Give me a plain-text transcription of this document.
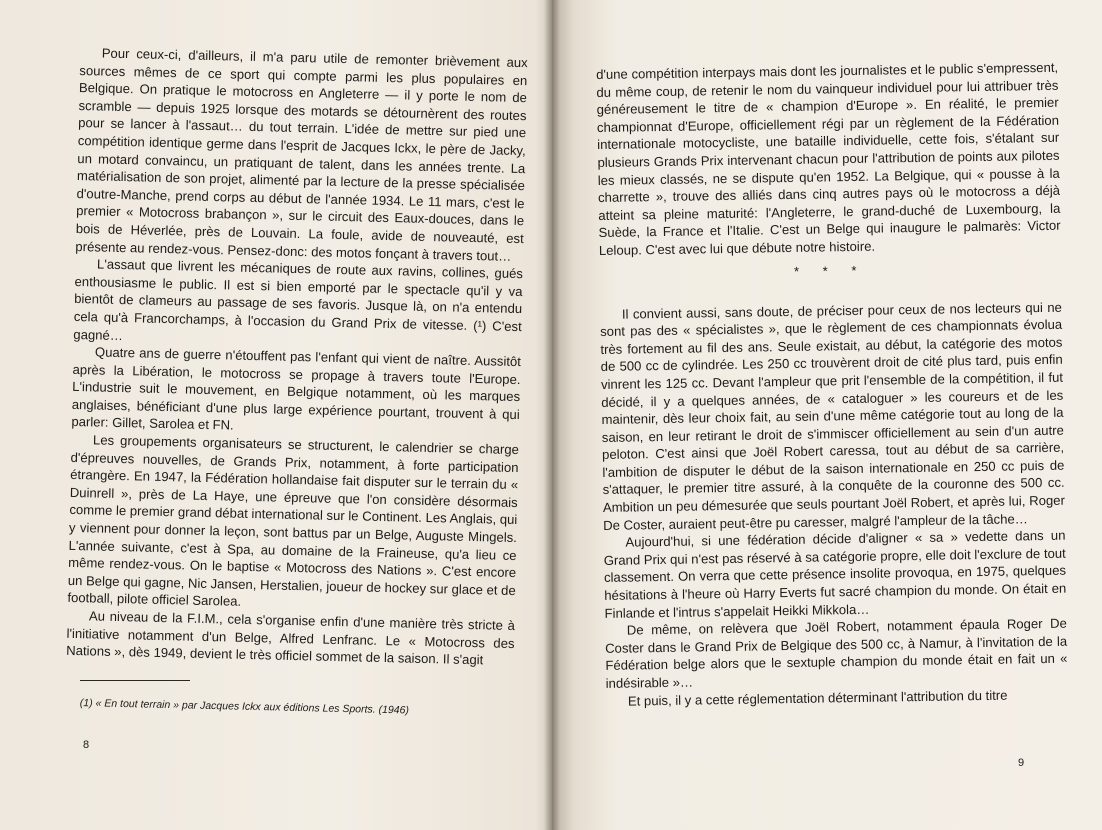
Pour ceux-ci, d'ailleurs, il m'a paru utile de remonter brièvement aux sources mêmes de ce sport qui compte parmi les plus populaires en Belgique. On pratique le motocross en Angleterre — il y porte le nom de scramble — depuis 1925 lorsque des motards se détournèrent des routes pour se lancer à l'assaut… du tout terrain. L'idée de mettre sur pied une compétition identique germe dans l'esprit de Jacques Ickx, le père de Jacky, un motard convaincu, un pratiquant de talent, dans les années trente. La matérialisation de son projet, alimenté par la lecture de la presse spécialisée d'outre-Manche, prend corps au début de l'année 1934. Le 11 mars, c'est le premier « Motocross brabançon », sur le circuit des Eaux-douces, dans le bois de Héverlée, près de Louvain. La foule, avide de nouveauté, est présente au rendez-vous. Pensez-donc: des motos fonçant à travers tout…

L'assaut que livrent les mécaniques de route aux ravins, collines, gués enthousiasme le public. Il est si bien emporté par le spectacle qu'il y va bientôt de clameurs au passage de ses favoris. Jusque là, on n'a entendu cela qu'à Francorchamps, à l'occasion du Grand Prix de vitesse. (¹) C'est gagné…

Quatre ans de guerre n'étouffent pas l'enfant qui vient de naître. Aussitôt après la Libération, le motocross se propage à travers toute l'Europe. L'industrie suit le mouvement, en Belgique notamment, où les marques anglaises, bénéficiant d'une plus large expérience pourtant, trouvent à qui parler: Gillet, Sarolea et FN.

Les groupements organisateurs se structurent, le calendrier se charge d'épreuves nouvelles, de Grands Prix, notamment, à forte participation étrangère. En 1947, la Fédération hollandaise fait disputer sur le terrain du « Duinrell », près de La Haye, une épreuve que l'on considère désormais comme le premier grand débat international sur le Continent. Les Anglais, qui y viennent pour donner la leçon, sont battus par un Belge, Auguste Mingels. L'année suivante, c'est à Spa, au domaine de la Fraineuse, qu'a lieu ce même rendez-vous. On le baptise « Motocross des Nations ». C'est encore un Belge qui gagne, Nic Jansen, Herstalien, joueur de hockey sur glace et de football, pilote officiel Sarolea.

Au niveau de la F.I.M., cela s'organise enfin d'une manière très stricte à l'initiative notamment d'un Belge, Alfred Lenfranc. Le « Motocross des Nations », dès 1949, devient le très officiel sommet de la saison. Il s'agit

(1) « En tout terrain » par Jacques Ickx aux éditions Les Sports. (1946)
8

d'une compétition interpays mais dont les journalistes et le public s'empressent, du même coup, de retenir le nom du vainqueur individuel pour lui attribuer très généreusement le titre de « champion d'Europe ». En réalité, le premier championnat d'Europe, officiellement régi par un règlement de la Fédération internationale motocycliste, une bataille individuelle, cette fois, s'étalant sur plusieurs Grands Prix intervenant chacun pour l'attribution de points aux pilotes les mieux classés, ne se dispute qu'en 1952. La Belgique, qui « pousse à la charrette », trouve des alliés dans cinq autres pays où le motocross a déjà atteint sa pleine maturité: l'Angleterre, le grand-duché de Luxembourg, la Suède, la France et l'Italie. C'est un Belge qui inaugure le palmarès: Victor Leloup. C'est avec lui que débute notre histoire.

* * *

Il convient aussi, sans doute, de préciser pour ceux de nos lecteurs qui ne sont pas des « spécialistes », que le règlement de ces championnats évolua très fortement au fil des ans. Seule existait, au début, la catégorie des motos de 500 cc de cylindrée. Les 250 cc trouvèrent droit de cité plus tard, puis enfin vinrent les 125 cc. Devant l'ampleur que prit l'ensemble de la compétition, il fut décidé, il y a quelques années, de « cataloguer » les coureurs et de les maintenir, dès leur choix fait, au sein d'une même catégorie tout au long de la saison, en leur retirant le droit de s'immiscer officiellement au sein d'un autre peloton. C'est ainsi que Joël Robert caressa, tout au début de sa carrière, l'ambition de disputer le début de la saison internationale en 250 cc puis de s'attaquer, le premier titre assuré, à la conquête de la couronne des 500 cc. Ambition un peu démesurée que seuls pourtant Joël Robert, et après lui, Roger De Coster, auraient peut-être pu caresser, malgré l'ampleur de la tâche…

Aujourd'hui, si une fédération décide d'aligner « sa » vedette dans un Grand Prix qui n'est pas réservé à sa catégorie propre, elle doit l'exclure de tout classement. On verra que cette présence insolite provoqua, en 1975, quelques hésitations à l'heure où Harry Everts fut sacré champion du monde. On était en Finlande et l'intrus s'appelait Heikki Mikkola…

De même, on relèvera que Joël Robert, notamment épaula Roger De Coster dans le Grand Prix de Belgique des 500 cc, à Namur, à l'invitation de la Fédération belge alors que le sextuple champion du monde était en fait un « indésirable »…

Et puis, il y a cette réglementation déterminant l'attribution du titre

9
